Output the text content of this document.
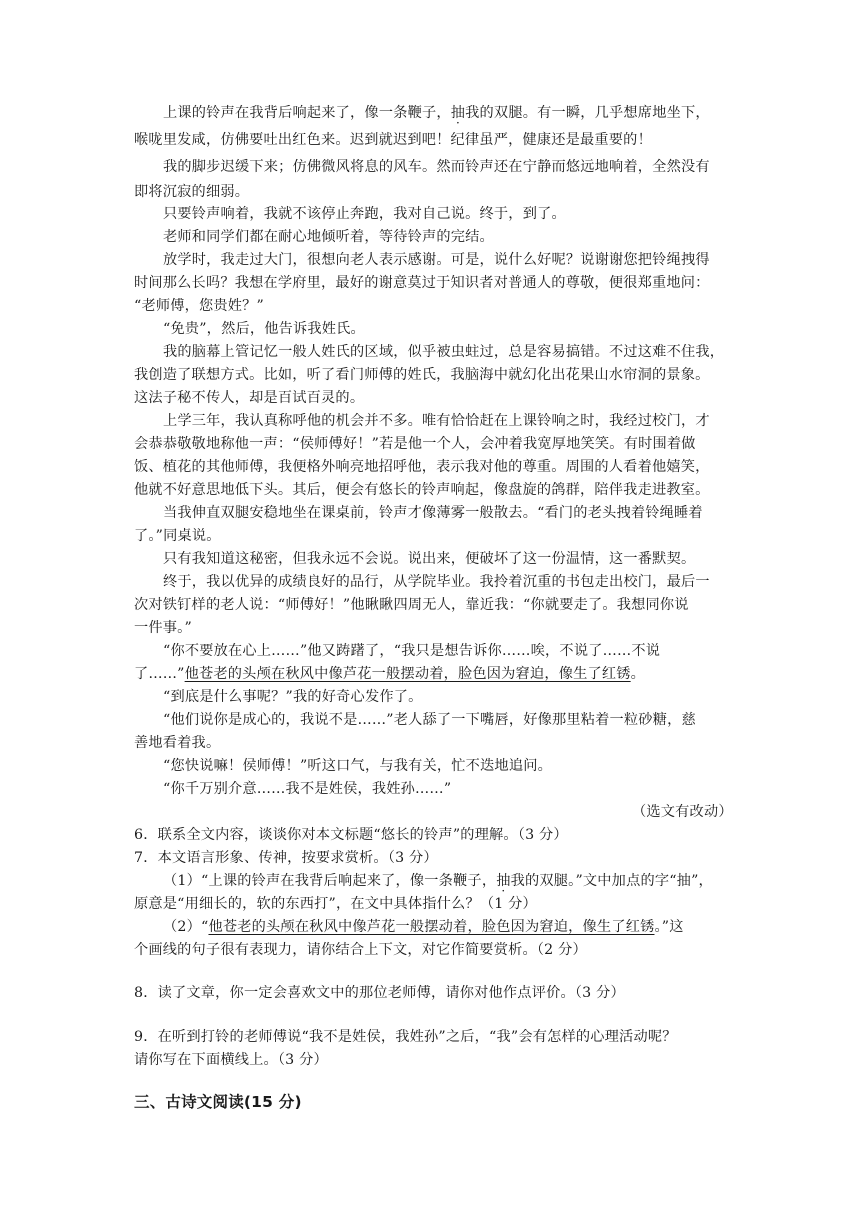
上课的铃声在我背后响起来了，像一条鞭子，抽我的双腿。有一瞬，几乎想席地坐下，
喉咙里发咸，仿佛要吐出红色来。迟到就迟到吧！纪律虽严，健康还是最重要的！
我的脚步迟缓下来；仿佛微风将息的风车。然而铃声还在宁静而悠远地响着，全然没有
即将沉寂的细弱。
只要铃声响着，我就不该停止奔跑，我对自己说。终于，到了。
老师和同学们都在耐心地倾听着，等待铃声的完结。
放学时，我走过大门，很想向老人表示感谢。可是，说什么好呢？说谢谢您把铃绳拽得
时间那么长吗？我想在学府里，最好的谢意莫过于知识者对普通人的尊敬，便很郑重地问：
“老师傅，您贵姓？”
“免贵”，然后，他告诉我姓氏。
我的脑幕上管记忆一般人姓氏的区域，似乎被虫蛀过，总是容易搞错。不过这难不住我，
我创造了联想方式。比如，听了看门师傅的姓氏，我脑海中就幻化出花果山水帘洞的景象。
这法子秘不传人，却是百试百灵的。
上学三年，我认真称呼他的机会并不多。唯有恰恰赶在上课铃响之时，我经过校门，才
会恭恭敬敬地称他一声：“侯师傅好！”若是他一个人，会冲着我宽厚地笑笑。有时围着做
饭、植花的其他师傅，我便格外响亮地招呼他，表示我对他的尊重。周围的人看着他嬉笑，
他就不好意思地低下头。其后，便会有悠长的铃声响起，像盘旋的鸽群，陪伴我走进教室。
当我伸直双腿安稳地坐在课桌前，铃声才像薄雾一般散去。“看门的老头拽着铃绳睡着
了。”同桌说。
只有我知道这秘密，但我永远不会说。说出来，便破坏了这一份温情，这一番默契。
终于，我以优异的成绩良好的品行，从学院毕业。我拎着沉重的书包走出校门，最后一
次对铁钉样的老人说：“师傅好！”他瞅瞅四周无人，靠近我：“你就要走了。我想同你说
一件事。”
“你不要放在心上……”他又踌躇了，“我只是想告诉你……唉，不说了……不说
了……”他苍老的头颅在秋风中像芦花一般摆动着，脸色因为窘迫，像生了红锈。
“到底是什么事呢？”我的好奇心发作了。
“他们说你是成心的，我说不是……”老人舔了一下嘴唇，好像那里粘着一粒砂糖，慈
善地看着我。
“您快说嘛！侯师傅！”听这口气，与我有关，忙不迭地追问。
“你千万别介意……我不是姓侯，我姓孙……”
（选文有改动）
6．联系全文内容，谈谈你对本文标题“悠长的铃声”的理解。（3 分）
7．本文语言形象、传神，按要求赏析。（3 分）
（1）“上课的铃声在我背后响起来了，像一条鞭子，抽我的双腿。”文中加点的字“抽”，
原意是“用细长的，软的东西打”，在文中具体指什么？（1 分）
（2）“他苍老的头颅在秋风中像芦花一般摆动着，脸色因为窘迫，像生了红锈。”这
个画线的句子很有表现力，请你结合上下文，对它作简要赏析。（2 分）
8．读了文章，你一定会喜欢文中的那位老师傅，请你对他作点评价。（3 分）
9．在听到打铃的老师傅说“我不是姓侯，我姓孙”之后，“我”会有怎样的心理活动呢？
请你写在下面横线上。（3 分）
三、古诗文阅读(15 分)
